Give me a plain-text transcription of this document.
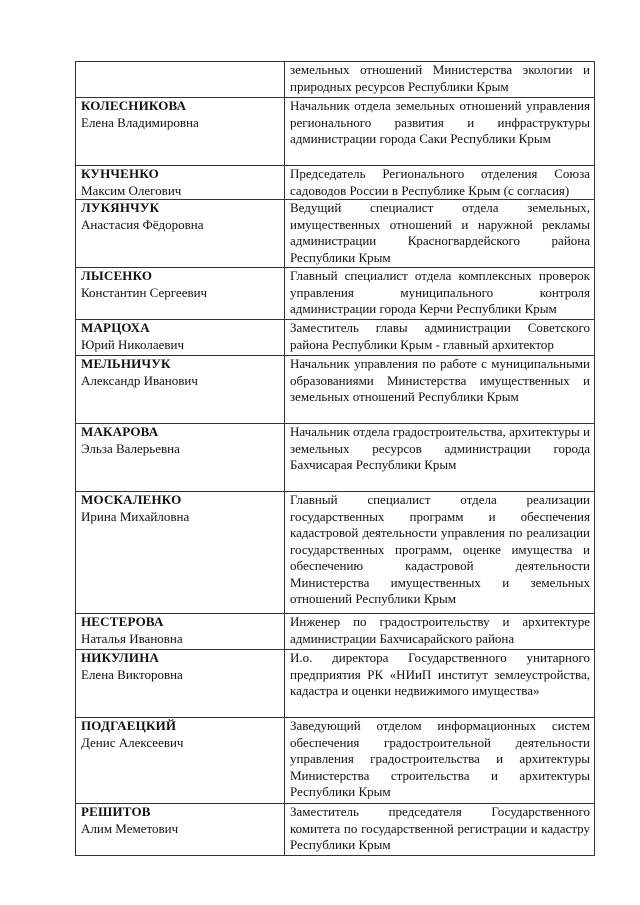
	земельных отношений Министерства экологии и природных ресурсов Республики Крым

КОЛЕСНИКОВА
Елена Владимировна	Начальник отдела земельных отношений управления регионального развития и инфраструктуры администрации города Саки Республики Крым

КУНЧЕНКО
Максим Олегович	Председатель Регионального отделения Союза садоводов России в Республике Крым (с согласия)

ЛУКЯНЧУК
Анастасия Фёдоровна	Ведущий специалист отдела земельных, имущественных отношений и наружной рекламы администрации Красногвардейского района Республики Крым

ЛЫСЕНКО
Константин Сергеевич	Главный специалист отдела комплексных проверок управления муниципального контроля администрации города Керчи Республики Крым

МАРЦОХА
Юрий Николаевич	Заместитель главы администрации Советского района Республики Крым - главный архитектор

МЕЛЬНИЧУК
Александр Иванович	Начальник управления по работе с муниципальными образованиями Министерства имущественных и земельных отношений Республики Крым

МАКАРОВА
Эльза Валерьевна	Начальник отдела градостроительства, архитектуры и земельных ресурсов администрации города Бахчисарая Республики Крым

МОСКАЛЕНКО
Ирина Михайловна	Главный специалист отдела реализации государственных программ и обеспечения кадастровой деятельности управления по реализации государственных программ, оценке имущества и обеспечению кадастровой деятельности Министерства имущественных и земельных отношений Республики Крым

НЕСТЕРОВА
Наталья Ивановна	Инженер по градостроительству и архитектуре администрации Бахчисарайского района

НИКУЛИНА
Елена Викторовна	И.о. директора Государственного унитарного предприятия РК «НИиП институт землеустройства, кадастра и оценки недвижимого имущества»

ПОДГАЕЦКИЙ
Денис Алексеевич	Заведующий отделом информационных систем обеспечения градостроительной деятельности управления градостроительства и архитектуры Министерства строительства и архитектуры Республики Крым

РЕШИТОВ
Алим Меметович	Заместитель председателя Государственного комитета по государственной регистрации и кадастру Республики Крым
